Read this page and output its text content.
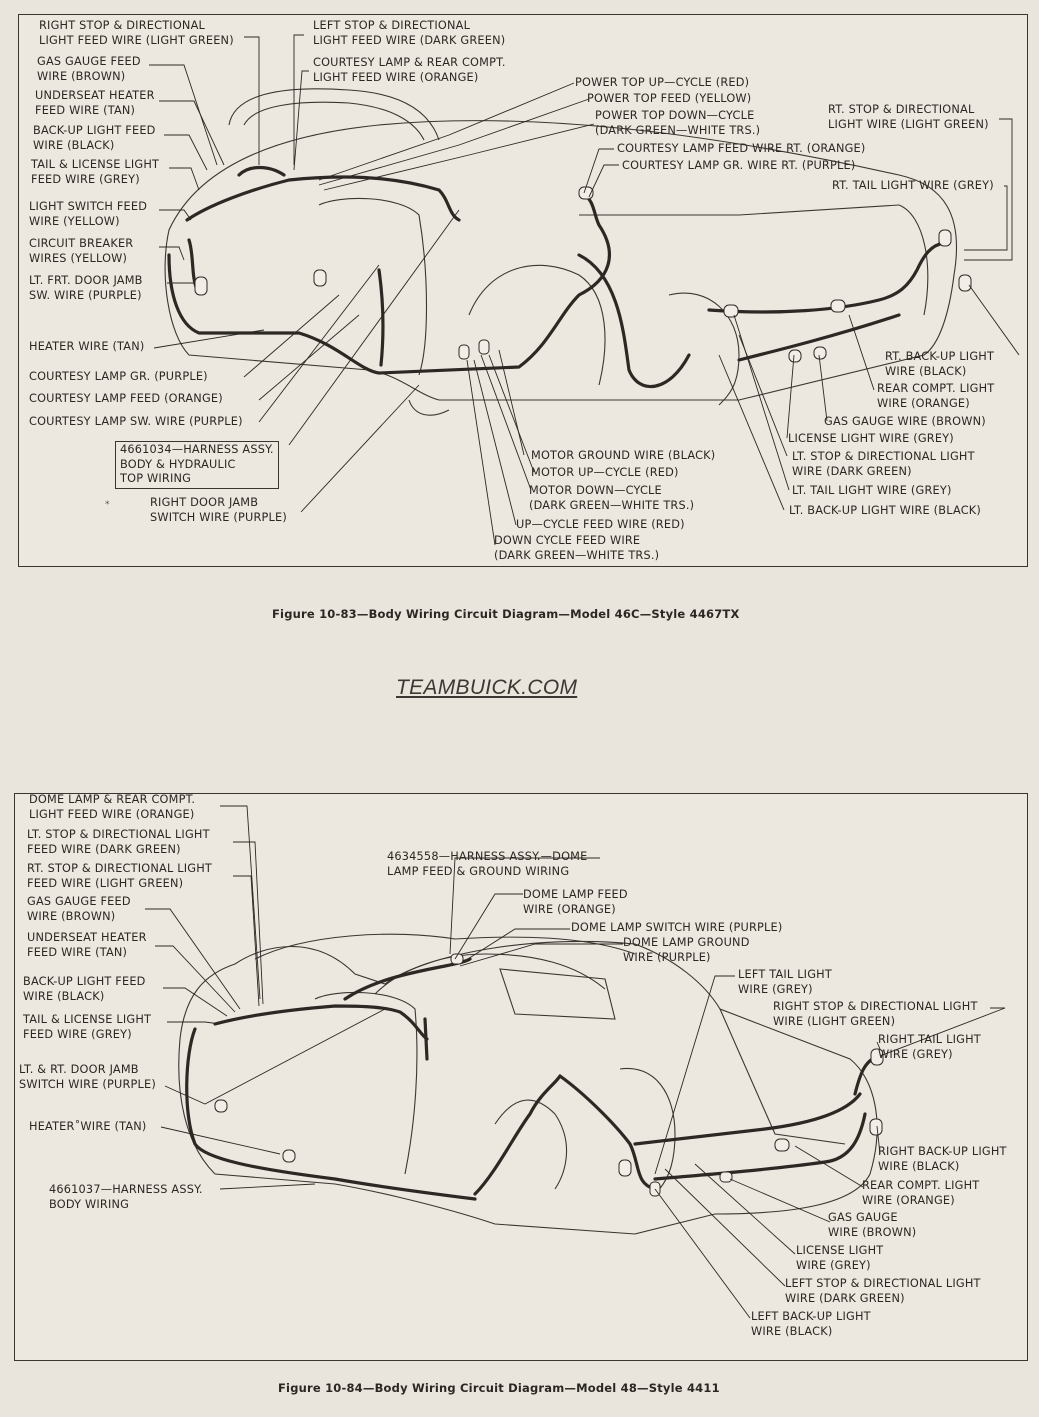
*
RIGHT STOP & DIRECTIONAL
LIGHT FEED WIRE (LIGHT GREEN)
GAS GAUGE FEED
WIRE (BROWN)
UNDERSEAT HEATER
FEED WIRE (TAN)
BACK-UP LIGHT FEED
WIRE (BLACK)
TAIL & LICENSE LIGHT
FEED WIRE (GREY)
LIGHT SWITCH FEED
WIRE (YELLOW)
CIRCUIT BREAKER
WIRES (YELLOW)
LT. FRT. DOOR JAMB
SW. WIRE (PURPLE)
HEATER WIRE (TAN)
COURTESY LAMP GR. (PURPLE)
COURTESY LAMP FEED (ORANGE)
COURTESY LAMP SW. WIRE (PURPLE)
4661034—HARNESS ASSY.
BODY & HYDRAULIC
TOP WIRING
RIGHT DOOR JAMB
SWITCH WIRE (PURPLE)
LEFT STOP & DIRECTIONAL
LIGHT FEED WIRE (DARK GREEN)
COURTESY LAMP & REAR COMPT.
LIGHT FEED WIRE (ORANGE)	POWER TOP UP—CYCLE (RED)
POWER TOP FEED (YELLOW)
POWER TOP DOWN—CYCLE
(DARK GREEN—WHITE TRS.)
COURTESY LAMP FEED WIRE RT. (ORANGE)
COURTESY LAMP GR. WIRE RT. (PURPLE)
RT. STOP & DIRECTIONAL
LIGHT WIRE (LIGHT GREEN)
RT. TAIL LIGHT WIRE (GREY)
RT. BACK-UP LIGHT
WIRE (BLACK)
REAR COMPT. LIGHT
WIRE (ORANGE)
GAS GAUGE WIRE (BROWN)
LICENSE LIGHT WIRE (GREY)
LT. STOP & DIRECTIONAL LIGHT
WIRE (DARK GREEN)
LT. TAIL LIGHT WIRE (GREY)
LT. BACK-UP LIGHT WIRE (BLACK)
MOTOR GROUND WIRE (BLACK)
MOTOR UP—CYCLE (RED)
MOTOR DOWN—CYCLE
(DARK GREEN—WHITE TRS.)
UP—CYCLE FEED WIRE (RED)
DOWN CYCLE FEED WIRE
(DARK GREEN—WHITE TRS.)
Figure 10-83—Body Wiring Circuit Diagram—Model 46C—Style 4467TX
TEAMBUICK.COM
DOME LAMP & REAR COMPT.
LIGHT FEED WIRE (ORANGE)
LT. STOP & DIRECTIONAL LIGHT
FEED WIRE (DARK GREEN)
RT. STOP & DIRECTIONAL LIGHT
FEED WIRE (LIGHT GREEN)
GAS GAUGE FEED
WIRE (BROWN)
UNDERSEAT HEATER
FEED WIRE (TAN)
BACK-UP LIGHT FEED
WIRE (BLACK)
TAIL & LICENSE LIGHT
FEED WIRE (GREY)
LT. & RT. DOOR JAMB
SWITCH WIRE (PURPLE)
HEATER˚WIRE (TAN)
4661037—HARNESS ASSY.
BODY WIRING
4634558—HARNESS ASSY.—DOME
LAMP FEED & GROUND WIRING
DOME LAMP FEED
WIRE (ORANGE)
DOME LAMP SWITCH WIRE (PURPLE)
DOME LAMP GROUND
WIRE (PURPLE)
LEFT TAIL LIGHT
WIRE (GREY)
RIGHT STOP & DIRECTIONAL LIGHT
WIRE (LIGHT GREEN)
RIGHT TAIL LIGHT
WIRE (GREY)
RIGHT BACK-UP LIGHT
WIRE (BLACK)
REAR COMPT. LIGHT
WIRE (ORANGE)
GAS GAUGE
WIRE (BROWN)
LICENSE LIGHT
WIRE (GREY)
LEFT STOP & DIRECTIONAL LIGHT
WIRE (DARK GREEN)
LEFT BACK-UP LIGHT
WIRE (BLACK)
Figure 10-84—Body Wiring Circuit Diagram—Model 48—Style 4411
